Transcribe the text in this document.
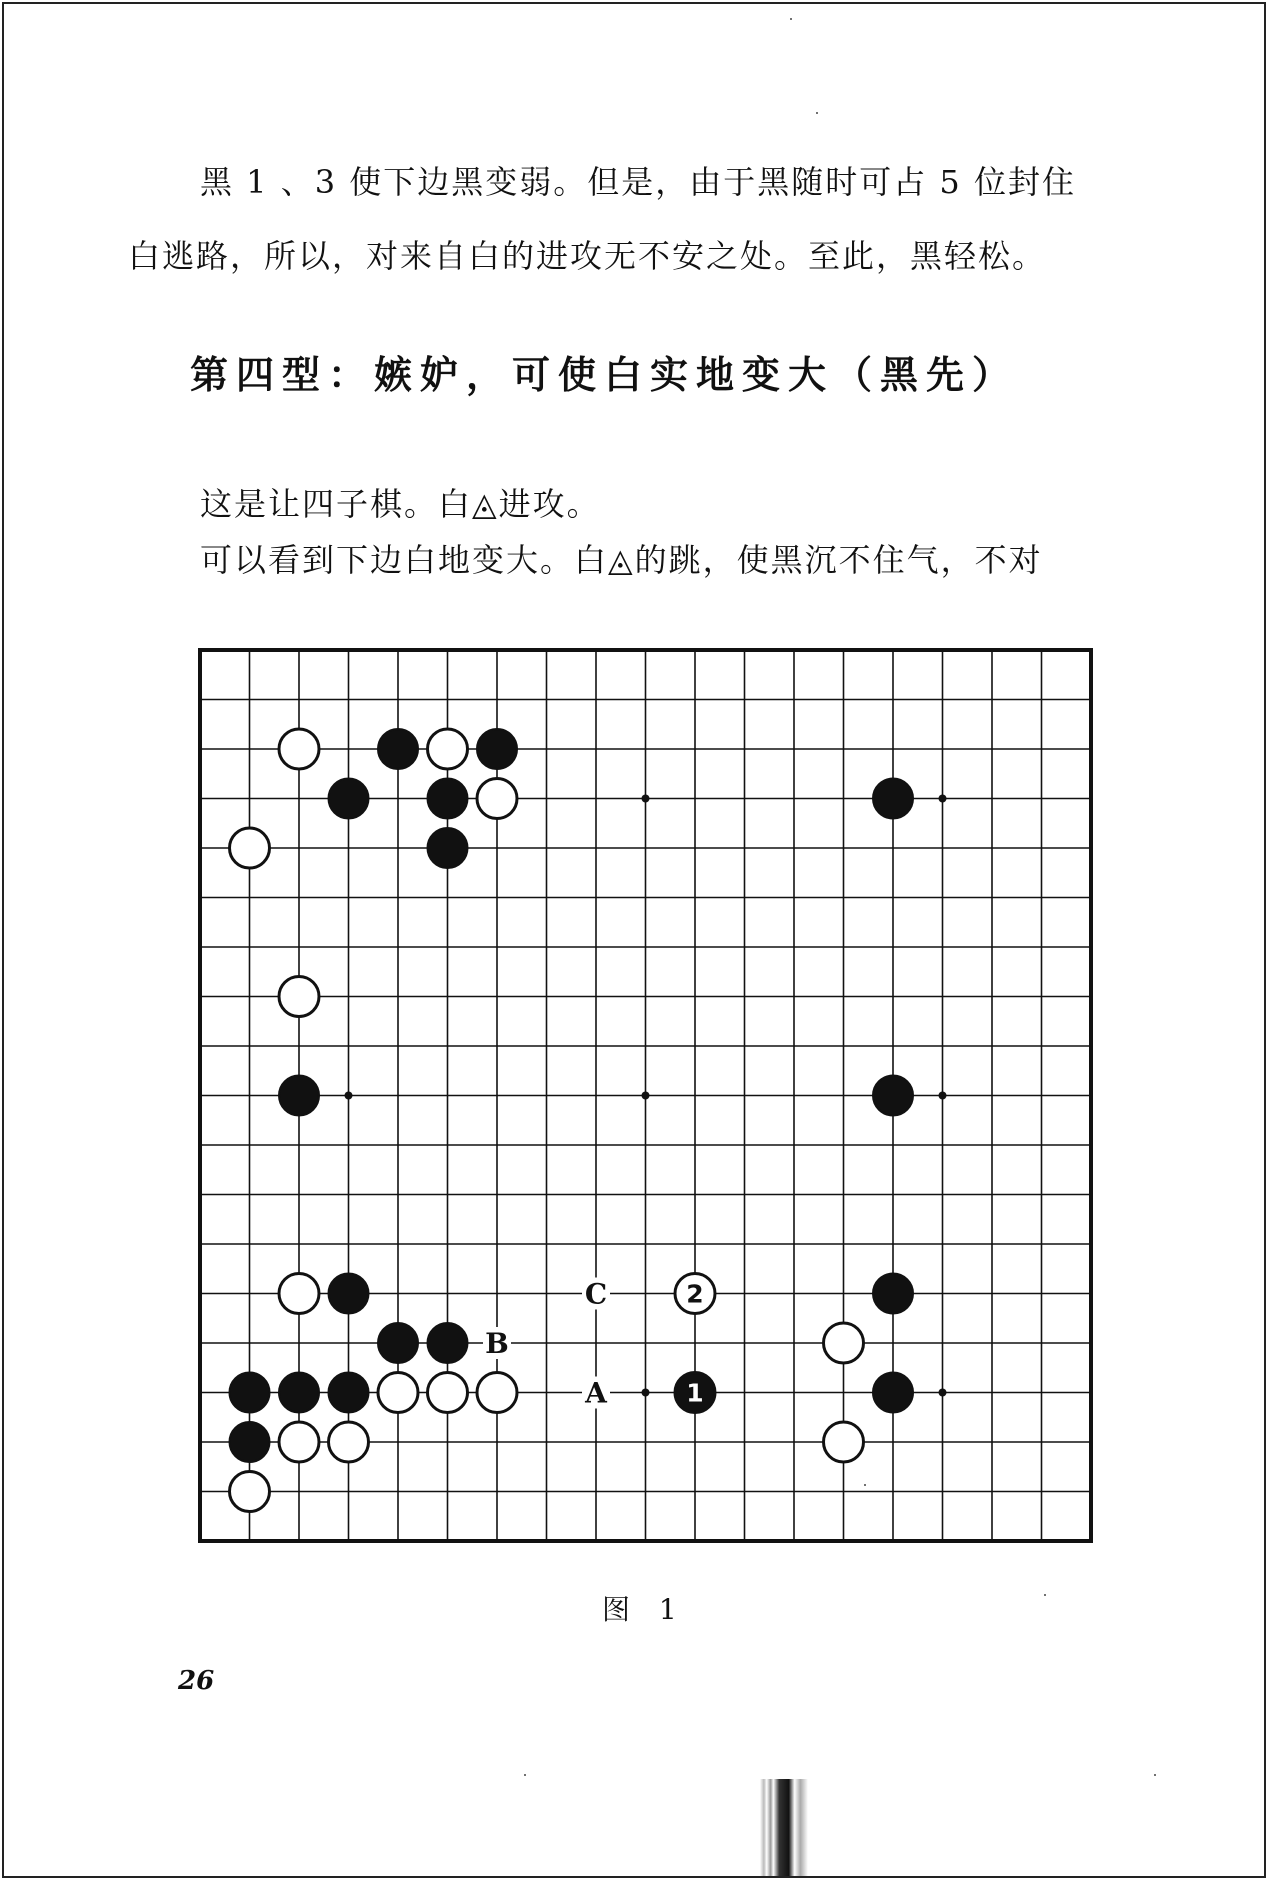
黑 1 、3 使下边黑变弱。但是，由于黑随时可占 5 位封住
白逃路，所以，对来自白的进攻无不安之处。至此，黑轻松。

第四型：嫉妒，可使白实地变大（黑先）

这是让四子棋。白◬进攻。
可以看到下边白地变大。白◬的跳，使黑沉不住气，不对

2
1
C
B
A

图 1

26
